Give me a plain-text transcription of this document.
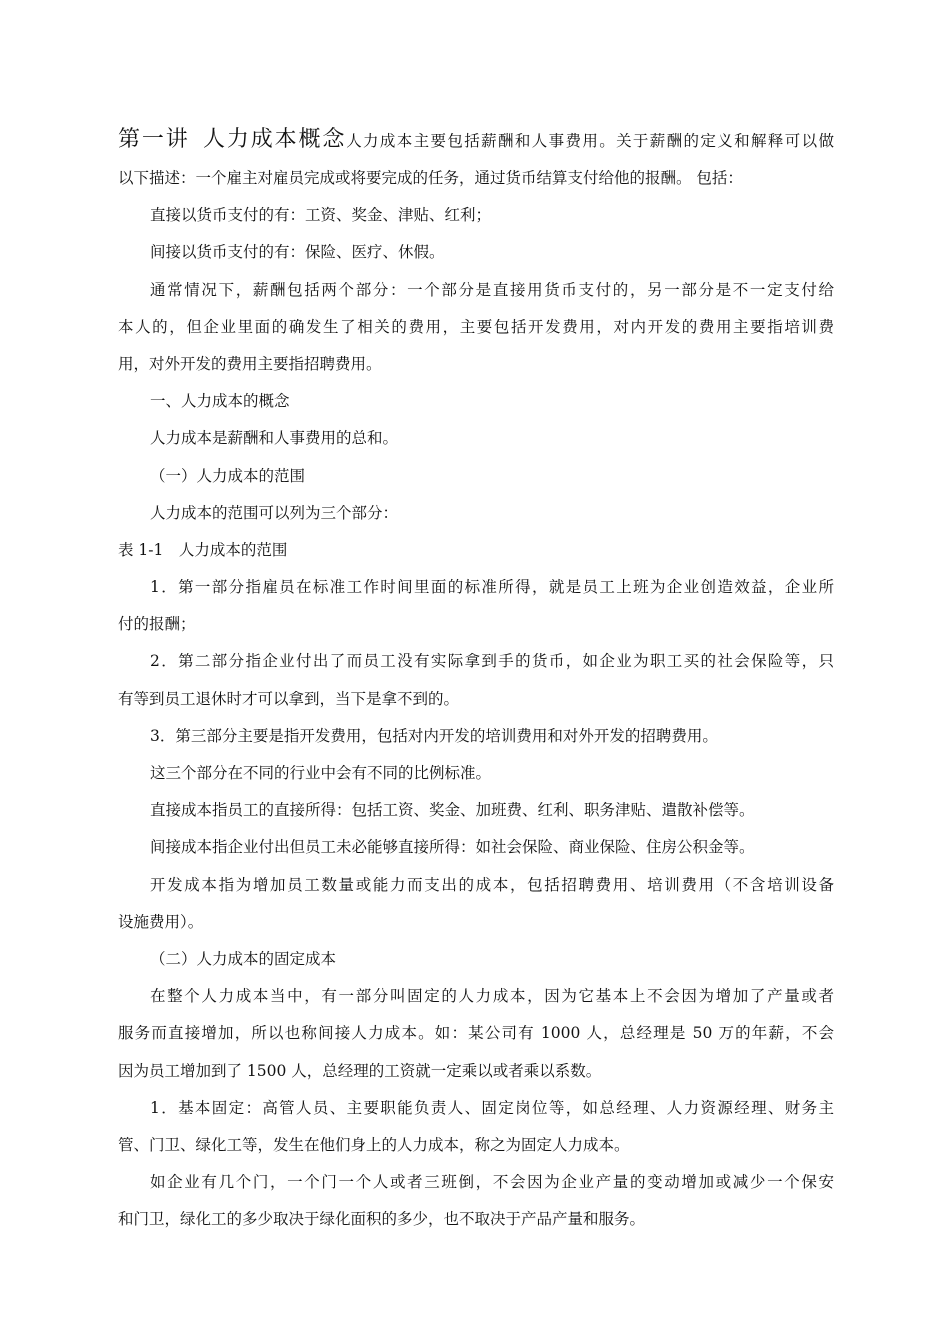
第一讲 人力成本概念人力成本主要包括薪酬和人事费用。关于薪酬的定义和解释可以做
以下描述：一个雇主对雇员完成或将要完成的任务，通过货币结算支付给他的报酬。 包括：
直接以货币支付的有：工资、奖金、津贴、红利；
间接以货币支付的有：保险、医疗、休假。
通常情况下，薪酬包括两个部分：一个部分是直接用货币支付的，另一部分是不一定支付给
本人的，但企业里面的确发生了相关的费用，主要包括开发费用，对内开发的费用主要指培训费
用，对外开发的费用主要指招聘费用。
一、人力成本的概念
人力成本是薪酬和人事费用的总和。
（一）人力成本的范围
人力成本的范围可以列为三个部分：
表 1-1　人力成本的范围
1．第一部分指雇员在标准工作时间里面的标准所得，就是员工上班为企业创造效益，企业所
付的报酬；
2．第二部分指企业付出了而员工没有实际拿到手的货币，如企业为职工买的社会保险等，只
有等到员工退休时才可以拿到，当下是拿不到的。
3．第三部分主要是指开发费用，包括对内开发的培训费用和对外开发的招聘费用。
这三个部分在不同的行业中会有不同的比例标准。
直接成本指员工的直接所得：包括工资、奖金、加班费、红利、职务津贴、遣散补偿等。
间接成本指企业付出但员工未必能够直接所得：如社会保险、商业保险、住房公积金等。
开发成本指为增加员工数量或能力而支出的成本，包括招聘费用、培训费用（不含培训设备
设施费用）。
（二）人力成本的固定成本
在整个人力成本当中，有一部分叫固定的人力成本，因为它基本上不会因为增加了产量或者
服务而直接增加，所以也称间接人力成本。如：某公司有 1000 人，总经理是 50 万的年薪，不会
因为员工增加到了 1500 人，总经理的工资就一定乘以或者乘以系数。
1．基本固定：高管人员、主要职能负责人、固定岗位等，如总经理、人力资源经理、财务主
管、门卫、绿化工等，发生在他们身上的人力成本，称之为固定人力成本。
如企业有几个门，一个门一个人或者三班倒，不会因为企业产量的变动增加或减少一个保安
和门卫，绿化工的多少取决于绿化面积的多少，也不取决于产品产量和服务。
